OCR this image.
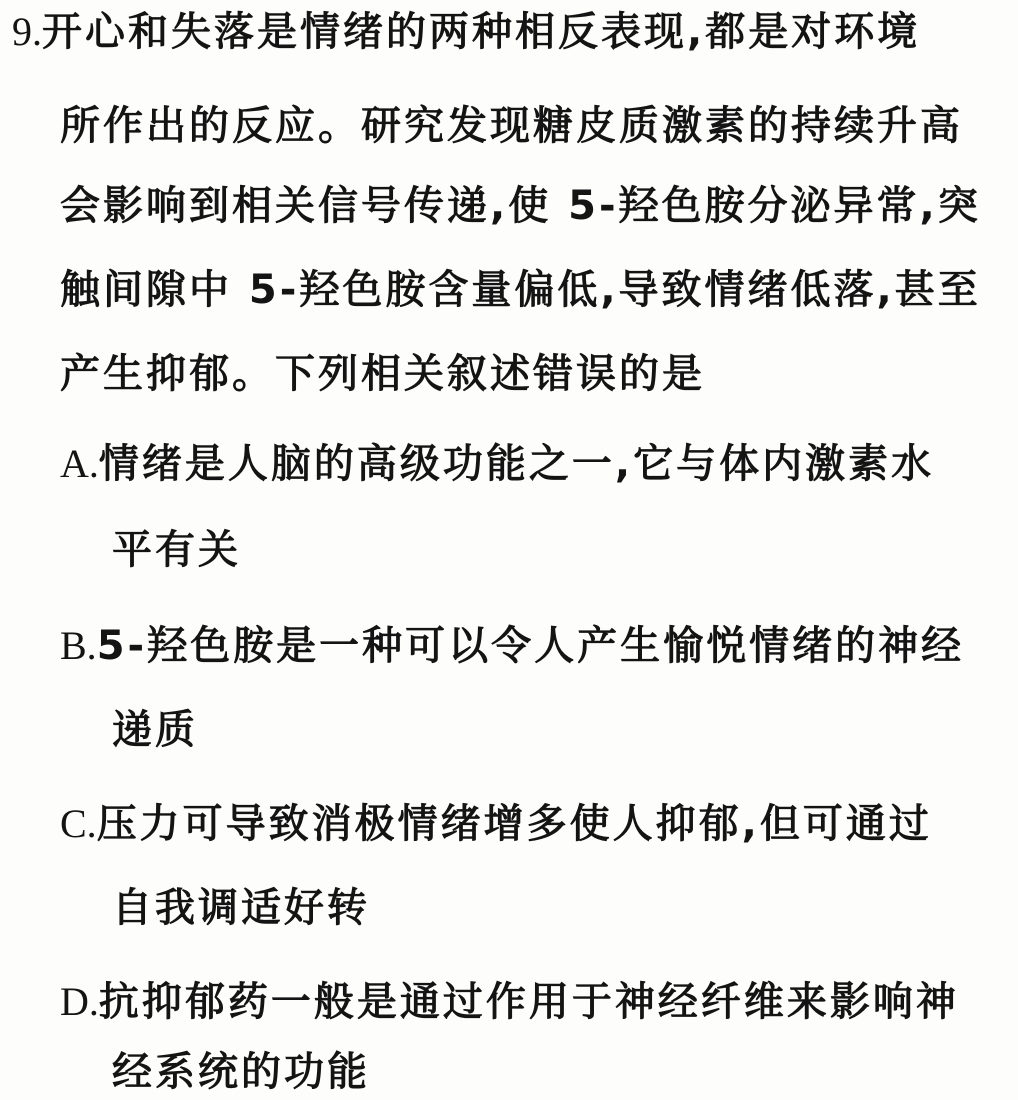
9.开心和失落是情绪的两种相反表现,都是对环境
所作出的反应。研究发现糖皮质激素的持续升高
会影响到相关信号传递,使 5-羟色胺分泌异常,突
触间隙中 5-羟色胺含量偏低,导致情绪低落,甚至
产生抑郁。下列相关叙述错误的是
A.情绪是人脑的高级功能之一,它与体内激素水
平有关
B.5-羟色胺是一种可以令人产生愉悦情绪的神经
递质
C.压力可导致消极情绪增多使人抑郁,但可通过
自我调适好转
D.抗抑郁药一般是通过作用于神经纤维来影响神
经系统的功能
